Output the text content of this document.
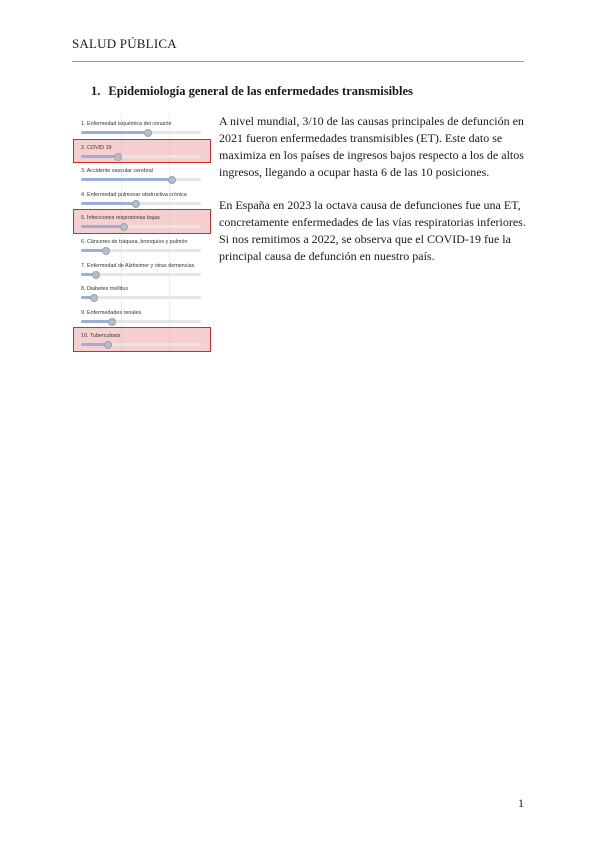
SALUD PÚBLICA
1. Epidemiología general de las enfermedades transmisibles
1. Enfermedad isquémica del corazón
2. COVID 19
3. Accidente vascular cerebral
4. Enfermedad pulmonar obstructiva crónica
5. Infecciones respiratorias bajas
6. Cánceres de tráquea, bronquios y pulmón
7. Enfermedad de Alzheimer y otras demencias
8. Diabetes mellitus
9. Enfermedades renales
10. Tuberculosis

A nivel mundial, 3/10 de las causas principales de defunción en 2021 fueron enfermedades transmisibles (ET). Este dato se maximiza en los países de ingresos bajos respecto a los de altos ingresos, llegando a ocupar hasta 6 de las 10 posiciones.

En España en 2023 la octava causa de defunciones fue una ET, concretamente enfermedades de las vías respiratorias inferiores. Si nos remitimos a 2022, se observa que el COVID-19 fue la principal causa de defunción en nuestro país.

1
